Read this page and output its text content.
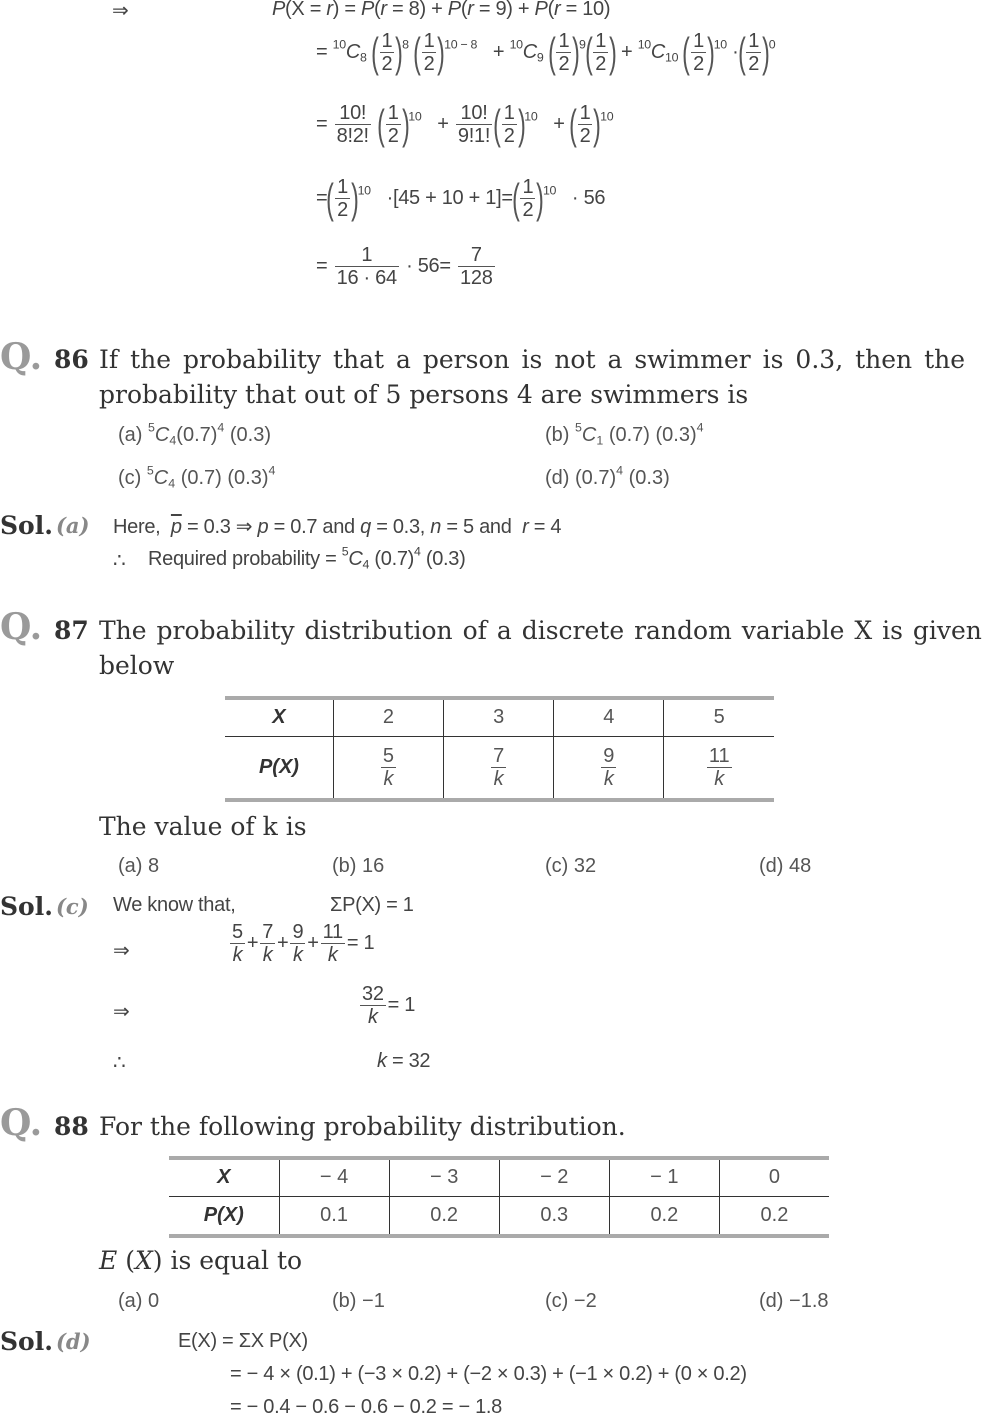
⇒	P(X = r) = P(r = 8) + P(r = 9) + P(r = 10)
= $^{10}C_8$ ( $\frac{1}{2} )^8$ ( $\frac{1}{2} )^{10 - 8} + ^{10}C_9$ ( $\frac{1}{2} )^9( \frac{1}{2}$ ) + $^{10}C_{10}$ ( $\frac{1}{2} )^{10}$ ·( $\frac{1}{2} )^0$
= $\frac{10!}{8!2!}$ ( $\frac{1}{2} )^{10} + \frac{10!}{9!1!}$ ( $\frac{1}{2} )^{10}$ + ( $\frac{1}{2} )^{10}$
=( $\frac{1}{2} )^{10} \cdot[45 + 10 + 1]=( \frac{1}{2} )^{10} \cdot 56$
= $\frac{1}{16 \cdot 64} \cdot 56= \frac{7}{128}$
Q. 86 If the probability that a person is not a swimmer is 0.3, then the
probability that out of 5 persons 4 are swimmers is
(a) $^5C_4(0.7)^4$ (0.3)	(b) $^5C_1$ (0.7) $(0.3)^4$
(c) $^5C_4$ (0.7) $(0.3)^4$	(d) $(0.7)^4$ (0.3)
Sol. (a) Here,  $\overline{p} = 0.3$ ⇒ p = 0.7 and q = 0.3, n = 5 and  r = 4
∴ Required probability = $^5C_4$ $(0.7)^4$ (0.3)
Q. 87 The probability distribution of a discrete random variable X is given
below
X	2	3	4	5
P(X)	$\frac{5}{k}$	$\frac{7}{k}$	$\frac{9}{k}$	$\frac{11}{k}$
The value of k is
(a) 8	(b) 16	(c) 32	(d) 48
Sol. (c) We know that,	ΣP(X) = 1
⇒	$\frac{5}{k} + \frac{7}{k} + \frac{9}{k} + \frac{11}{k} = 1$
⇒	$\frac{32}{k} = 1$
∴	k = 32
Q. 88 For the following probability distribution.
X	− 4	− 3	− 2	− 1	0
P(X)	0.1	0.2	0.3	0.2	0.2
E (X) is equal to
(a) 0	(b) −1	(c) −2	(d) −1.8
Sol. (d)	E(X) = ΣX P(X)
= − 4 × (0.1) + (−3 × 0.2) + (−2 × 0.3) + (−1 × 0.2) + (0 × 0.2)
= − 0.4 − 0.6 − 0.6 − 0.2 = − 1.8
